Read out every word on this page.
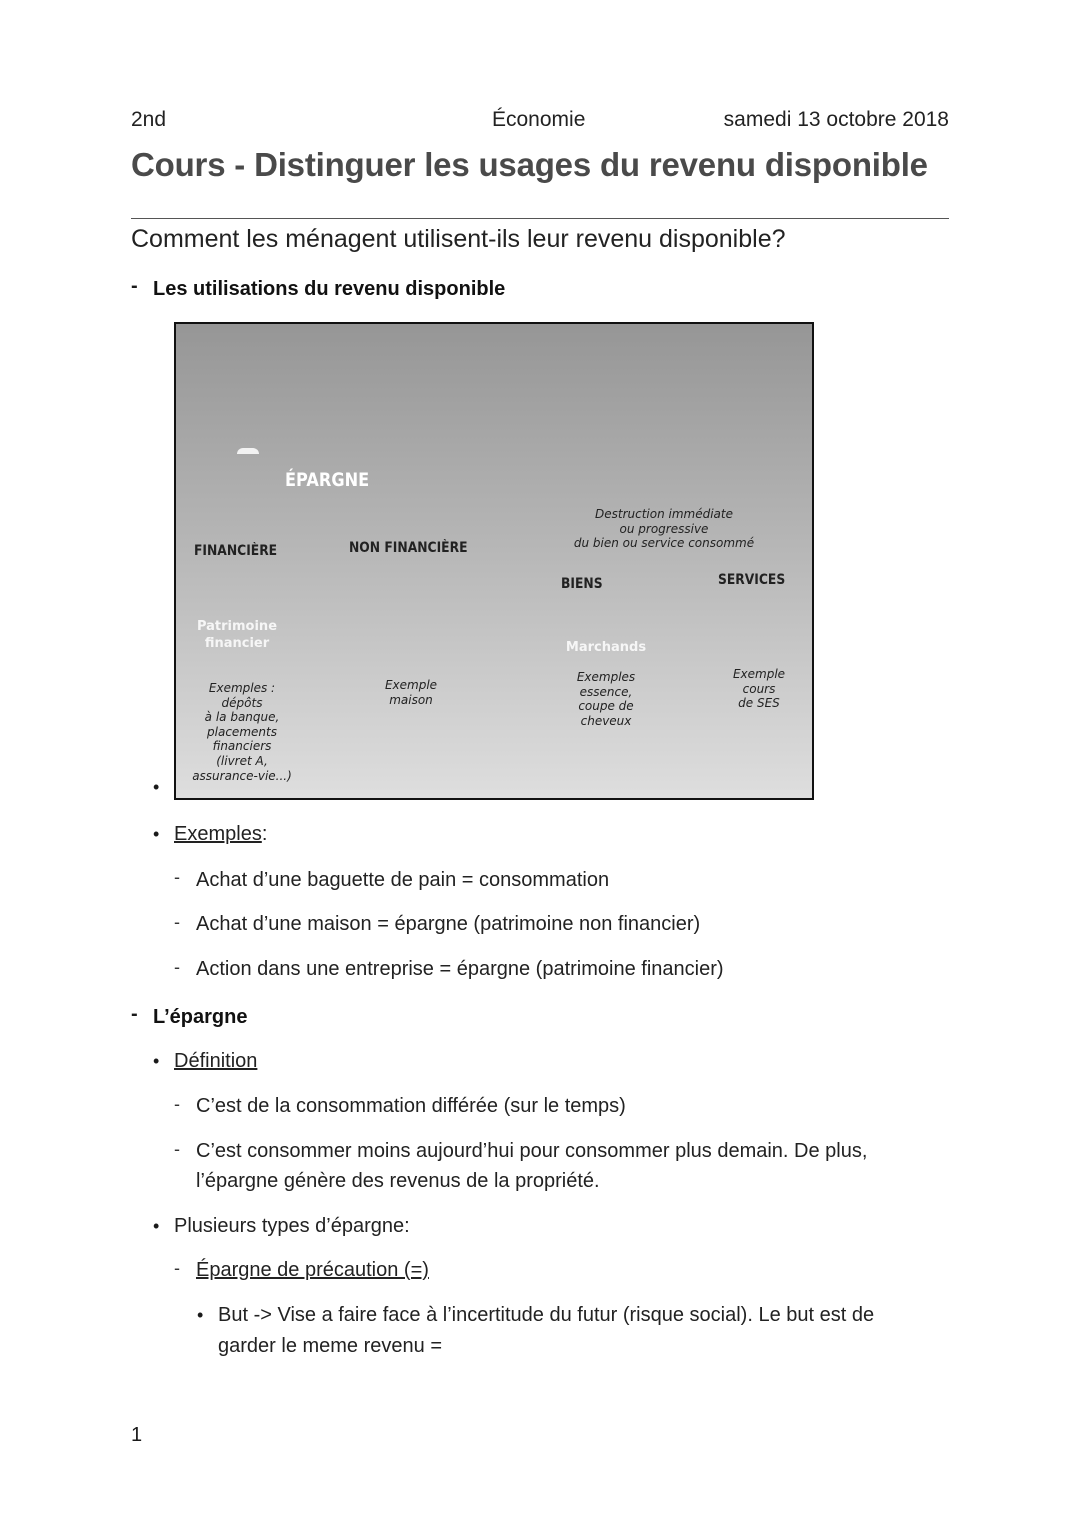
2nd	Économie	samedi 13 octobre 2018
Cours - Distinguer les usages du revenu disponible
Comment les ménagent utilisent-ils leur revenu disponible?
- Les utilisations du revenu disponible
ÉPARGNE
Destruction immédiate
ou progressive
du bien ou service consommé
FINANCIÈRE	NON FINANCIÈRE
BIENS	SERVICES
Patrimoine
financier	Marchands
Exemples :
dépôts
à la banque,
placements
financiers
(livret A,
assurance-vie...)
Exemple
maison
Exemples
essence,
coupe de
cheveux
Exemple
cours
de SES
•
• Exemples:
- Achat d’une baguette de pain = consommation
- Achat d’une maison = épargne (patrimoine non financier)
- Action dans une entreprise = épargne (patrimoine financier)
- L’épargne
• Définition
- C’est de la consommation différée (sur le temps)
- C’est consommer moins aujourd’hui pour consommer plus demain. De plus,
l’épargne génère des revenus de la propriété.
• Plusieurs types d’épargne:
- Épargne de précaution (=)
• But -> Vise a faire face à l’incertitude du futur (risque social). Le but est de
garder le meme revenu =
1
